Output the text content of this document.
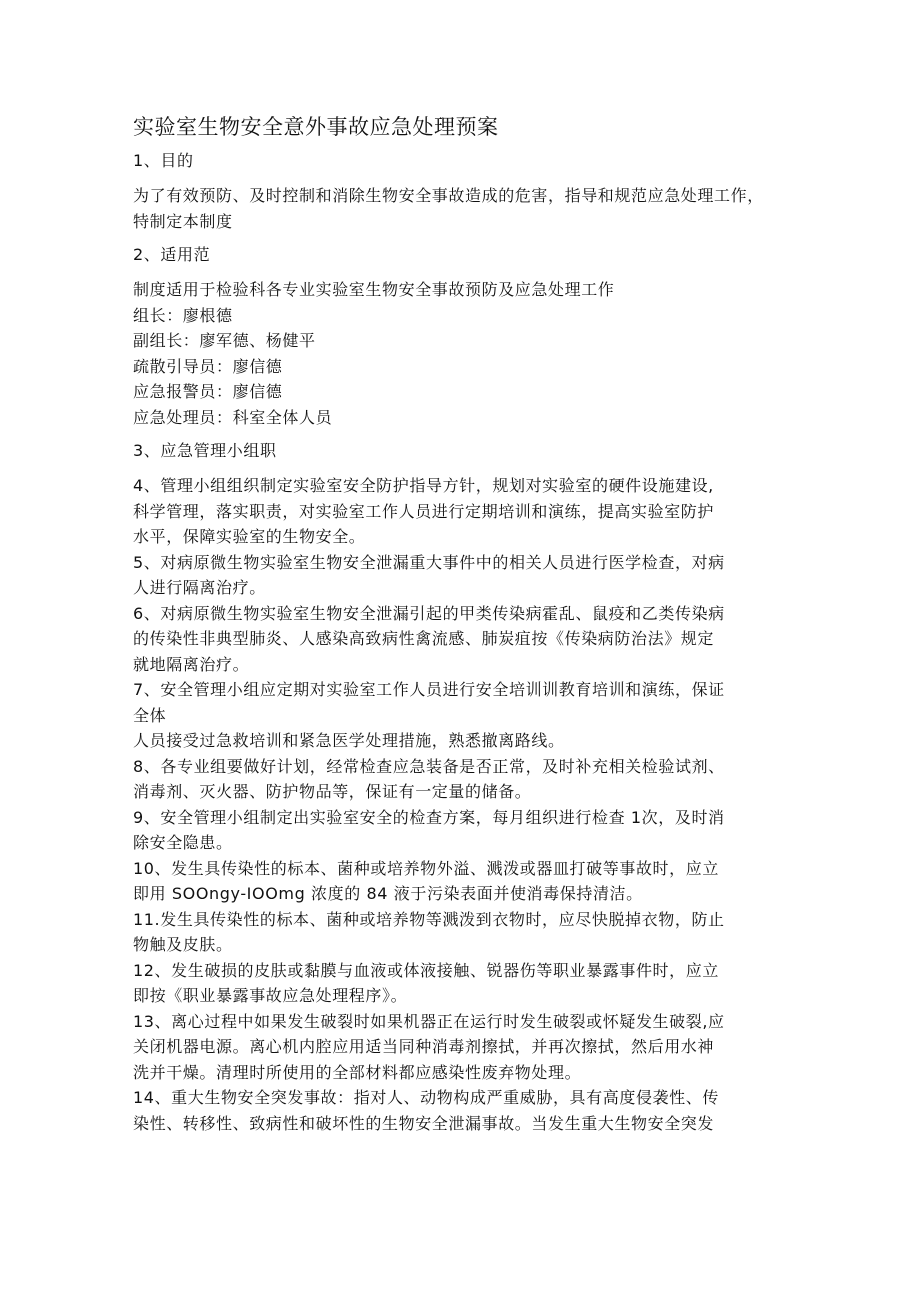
实验室生物安全意外事故应急处理预案
1、目的
为了有效预防、及时控制和消除生物安全事故造成的危害，指导和规范应急处理工作，
特制定本制度
2、适用范
制度适用于检验科各专业实验室生物安全事故预防及应急处理工作
组长：廖根德
副组长：廖军德、杨健平
疏散引导员：廖信德
应急报警员：廖信德
应急处理员：科室全体人员
3、应急管理小组职
4、管理小组组织制定实验室安全防护指导方针，规划对实验室的硬件设施建设,
科学管理，落实职责，对实验室工作人员进行定期培训和演练，提高实验室防护
水平，保障实验室的生物安全。
5、对病原微生物实验室生物安全泄漏重大事件中的相关人员进行医学检查，对病
人进行隔离治疗。
6、对病原微生物实验室生物安全泄漏引起的甲类传染病霍乱、鼠疫和乙类传染病
的传染性非典型肺炎、人感染高致病性禽流感、肺炭疽按《传染病防治法》规定
就地隔离治疗。
7、安全管理小组应定期对实验室工作人员进行安全培训训教育培训和演练，保证
全体
人员接受过急救培训和紧急医学处理措施，熟悉撤离路线。
8、各专业组要做好计划，经常检查应急装备是否正常，及时补充相关检验试剂、
消毒剂、灭火器、防护物品等，保证有一定量的储备。
9、安全管理小组制定出实验室安全的检查方案，每月组织进行检查 1次，及时消
除安全隐患。
10、发生具传染性的标本、菌种或培养物外溢、溅泼或器皿打破等事故时，应立
即用 SOOngy-IOOmg 浓度的 84 液于污染表面并使消毒保持清洁。
11.发生具传染性的标本、菌种或培养物等溅泼到衣物时，应尽快脱掉衣物，防止
物触及皮肤。
12、发生破损的皮肤或黏膜与血液或体液接触、锐器伤等职业暴露事件时，应立
即按《职业暴露事故应急处理程序》。
13、离心过程中如果发生破裂时如果机器正在运行时发生破裂或怀疑发生破裂,应
关闭机器电源。离心机内腔应用适当同种消毒剂擦拭，并再次擦拭，然后用水神
洗并干燥。清理时所使用的全部材料都应感染性废弃物处理。
14、重大生物安全突发事故：指对人、动物构成严重威胁，具有高度侵袭性、传
染性、转移性、致病性和破坏性的生物安全泄漏事故。当发生重大生物安全突发
